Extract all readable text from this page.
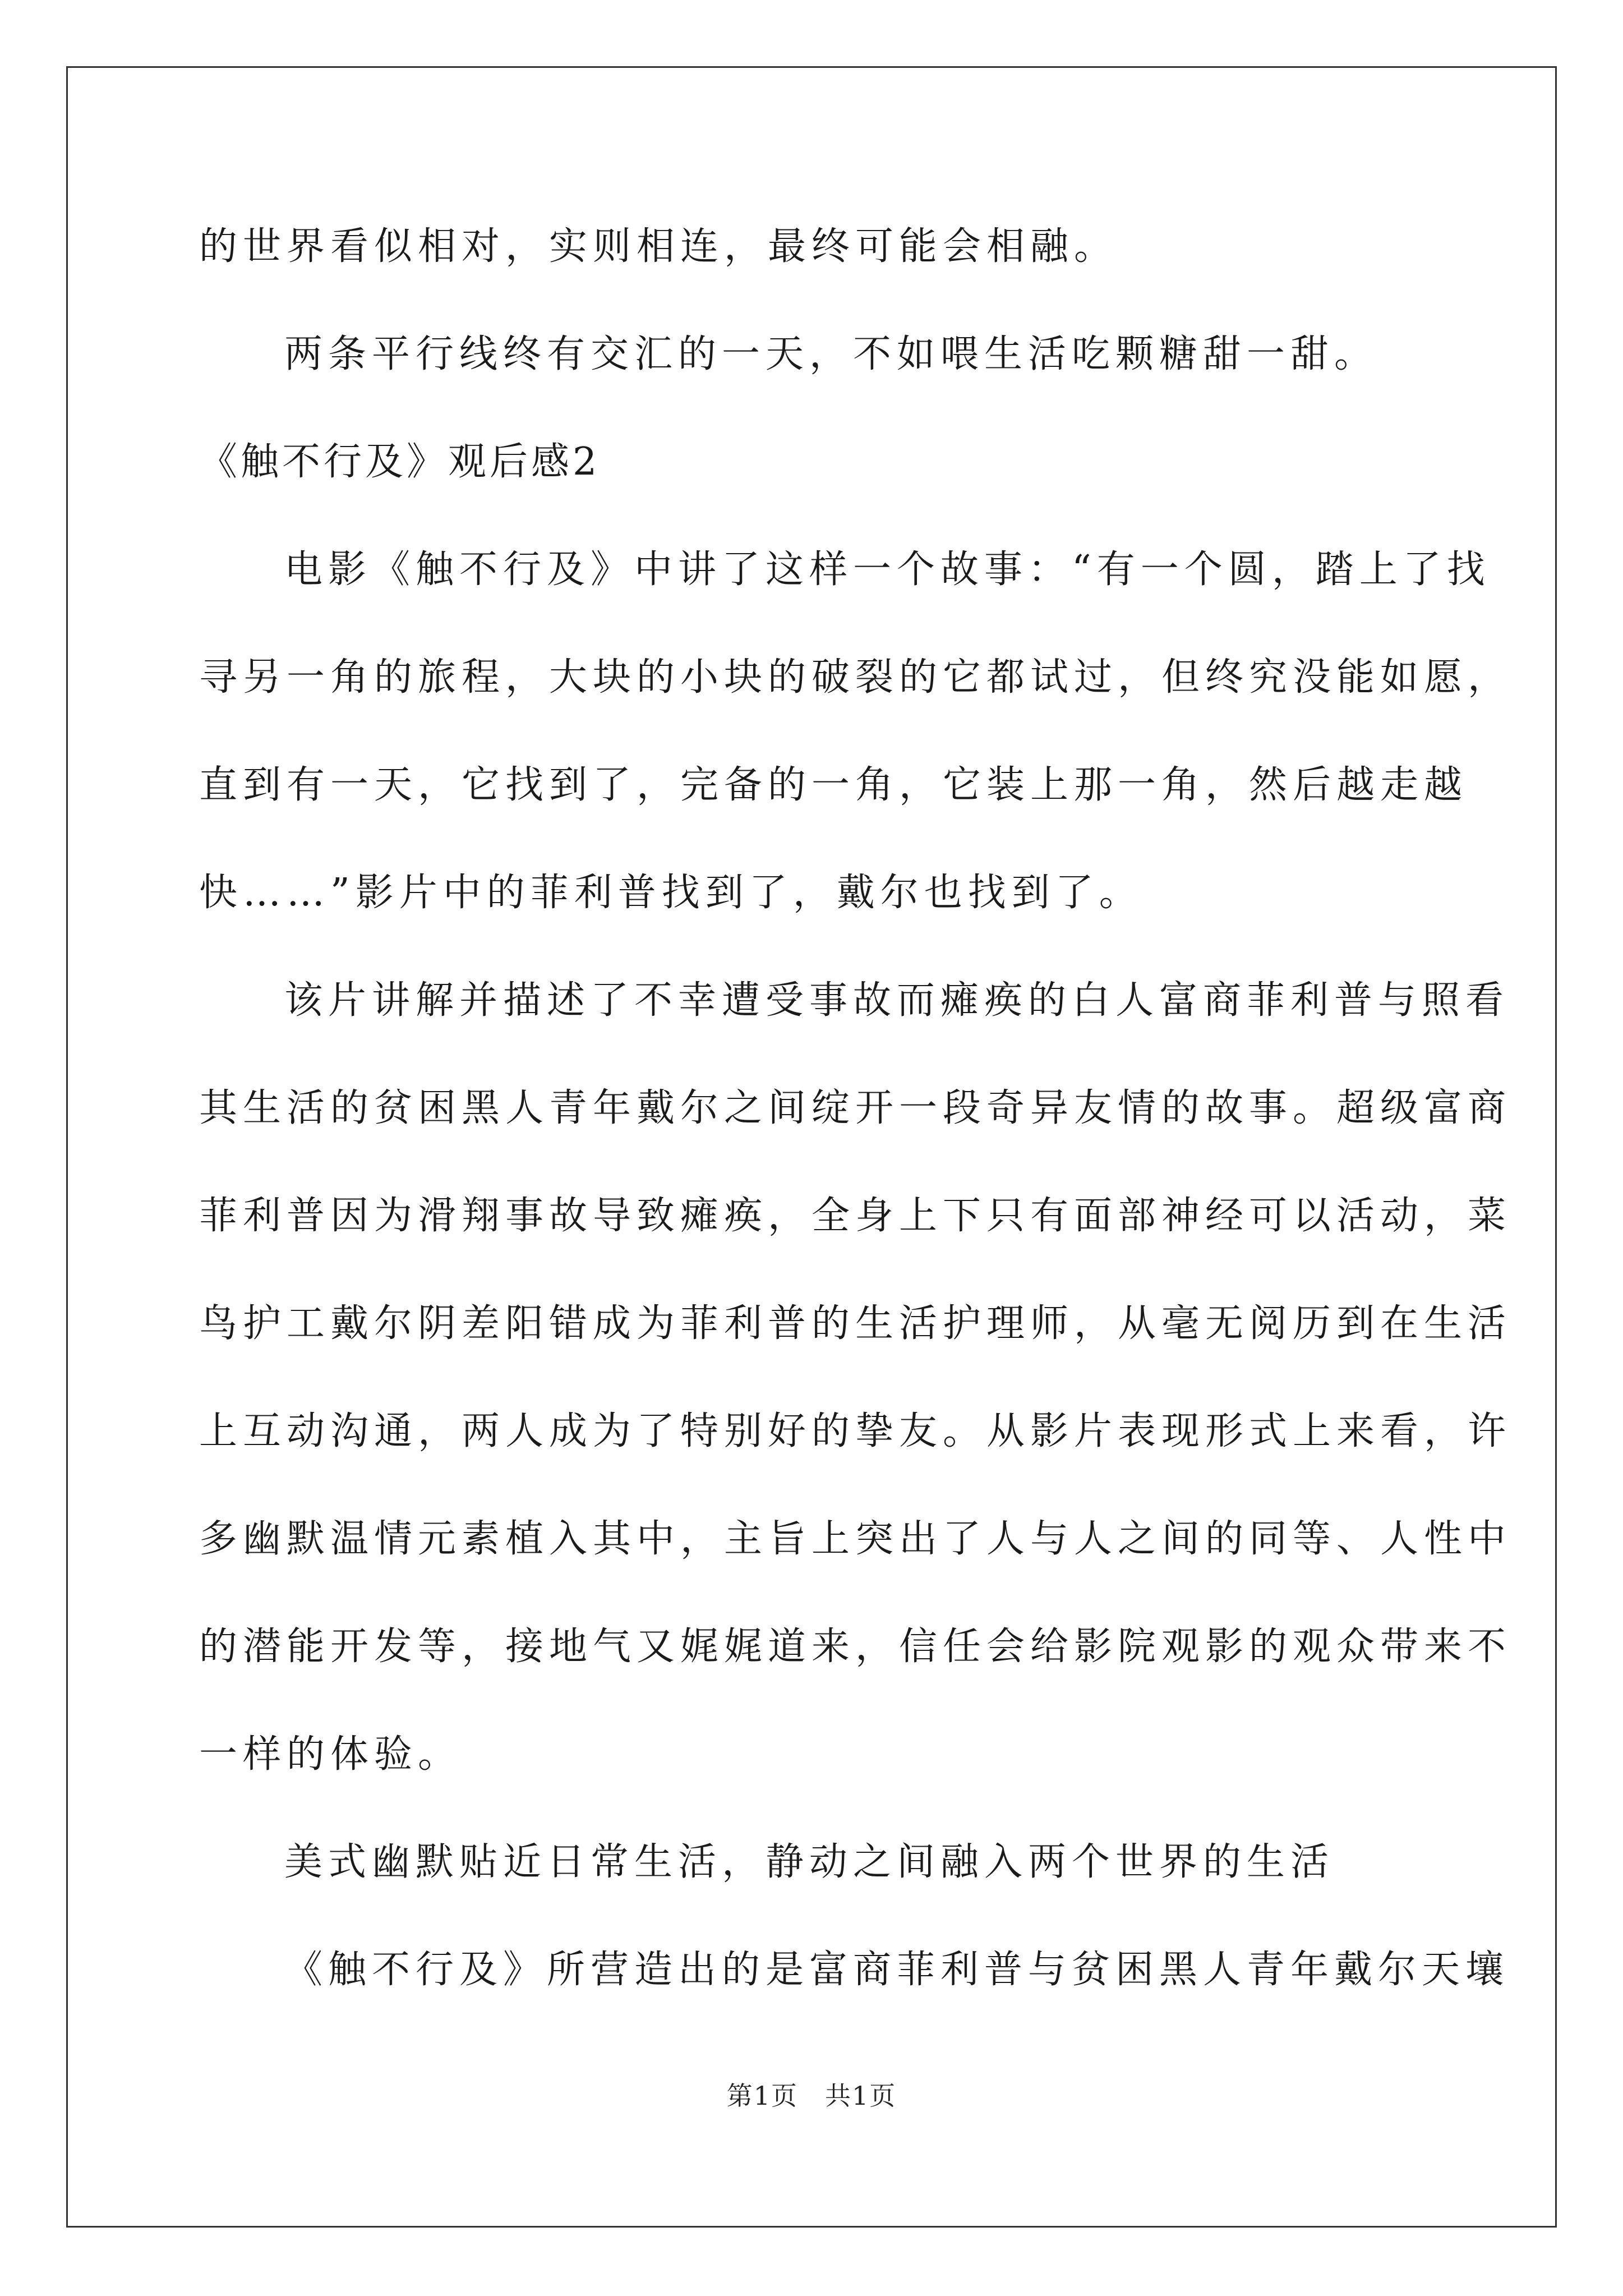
的世界看似相对，实则相连，最终可能会相融。
两条平行线终有交汇的一天，不如喂生活吃颗糖甜一甜。
《触不行及》观后感2
电影《触不行及》中讲了这样一个故事：“有一个圆，踏上了找
寻另一角的旅程，大块的小块的破裂的它都试过，但终究没能如愿，
直到有一天，它找到了，完备的一角，它装上那一角，然后越走越
快……”影片中的菲利普找到了，戴尔也找到了。
该片讲解并描述了不幸遭受事故而瘫痪的白人富商菲利普与照看
其生活的贫困黑人青年戴尔之间绽开一段奇异友情的故事。超级富商
菲利普因为滑翔事故导致瘫痪，全身上下只有面部神经可以活动，菜
鸟护工戴尔阴差阳错成为菲利普的生活护理师，从毫无阅历到在生活
上互动沟通，两人成为了特别好的挚友。从影片表现形式上来看，许
多幽默温情元素植入其中，主旨上突出了人与人之间的同等、人性中
的潜能开发等，接地气又娓娓道来，信任会给影院观影的观众带来不
一样的体验。
美式幽默贴近日常生活，静动之间融入两个世界的生活
《触不行及》所营造出的是富商菲利普与贫困黑人青年戴尔天壤
第1页 共1页
